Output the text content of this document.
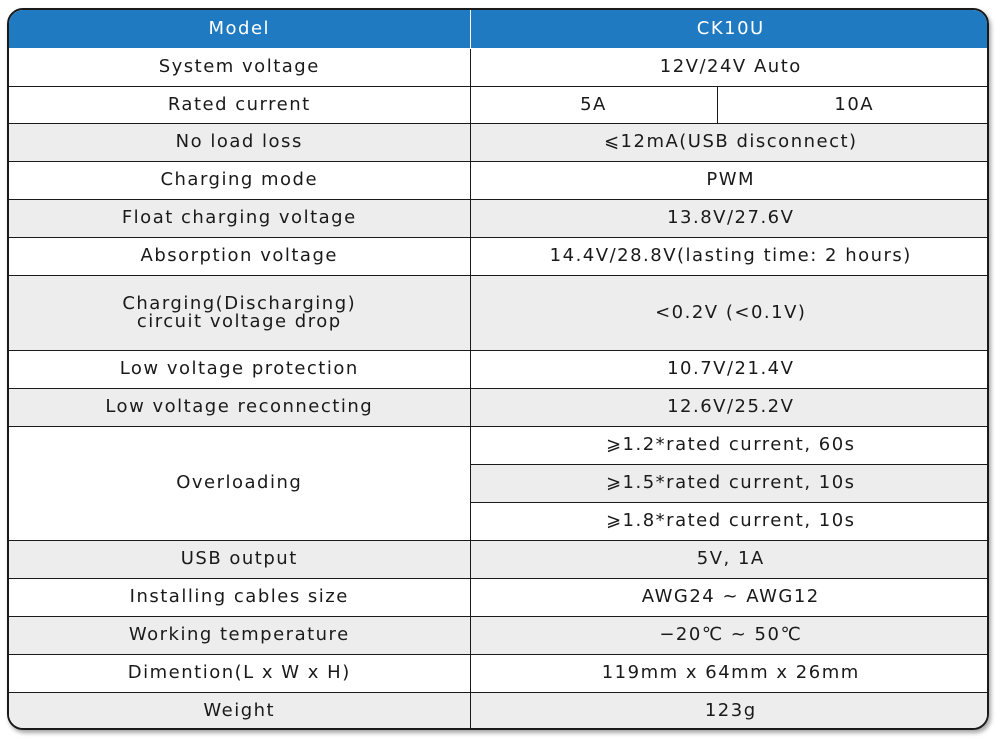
Model	CK10U	
System voltage	12V/24V Auto	
Rated current	5A	10A
No load loss	⩽12mA(USB disconnect)	
Charging mode	PWM	
Float charging voltage	13.8V/27.6V	
Absorption voltage	14.4V/28.8V(lasting time: 2 hours)	

Charging(Discharging)
circuit voltage drop	<0.2V (<0.1V)	
Low voltage protection	10.7V/21.4V	
Low voltage reconnecting	12.6V/25.2V	
Overloading	⩾1.2*rated current, 60s	
	⩾1.5*rated current, 10s	
	⩾1.8*rated current, 10s	
USB output	5V, 1A	
Installing cables size	AWG24 ~ AWG12	
Working temperature	−20℃ ~ 50℃	
Dimention(L x W x H)	119mm x 64mm x 26mm	
Weight	123g	
